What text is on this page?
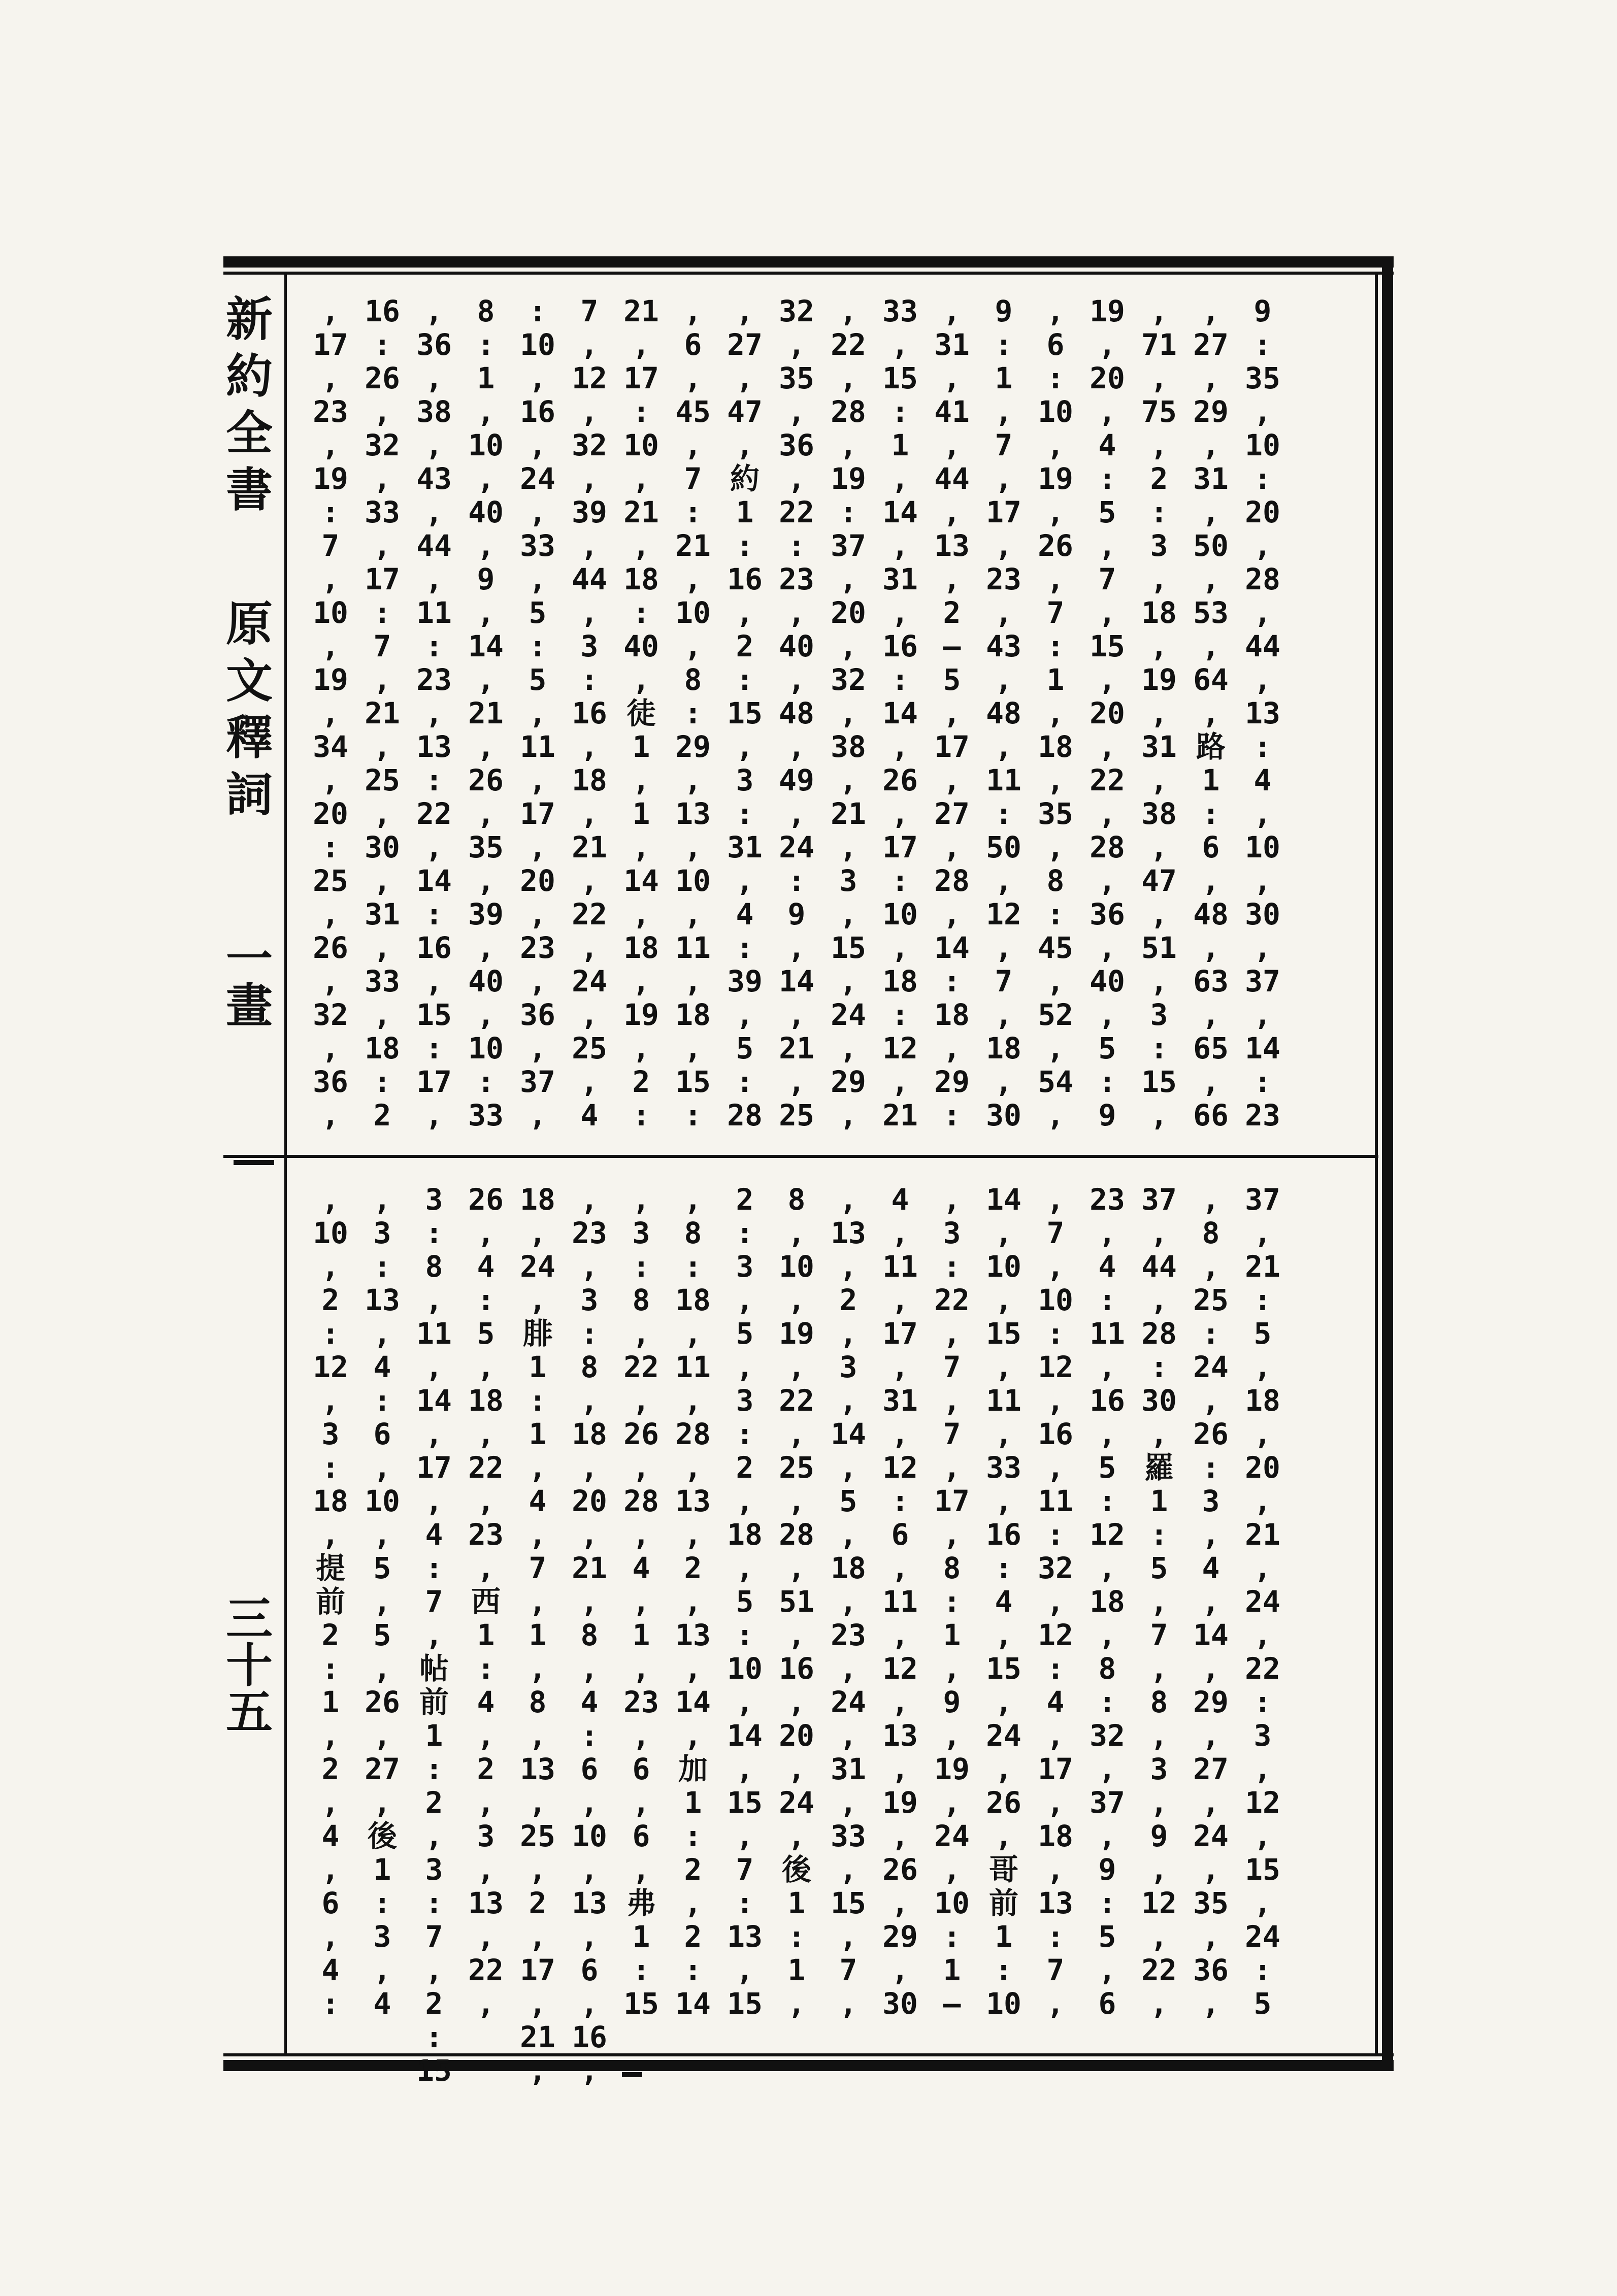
新約全書
原文釋詞
一畫
三十五
,
17
,
23
,
19
:
7
,
10
,
19
,
34
,
20
:
25
,
26
,
32
,
36
,
16
:
26
,
32
,
33
,
17
:
7
,
21
,
25
,
30
,
31
,
33
,
18
:
2
,
36
,
38
,
43
,
44
,
11
:
23
,
13
:
22
,
14
:
16
,
15
:
17
,
8
:
1
,
10
,
40
,
9
,
14
,
21
,
26
,
35
,
39
,
40
,
10
:
33
:
10
,
16
,
24
,
33
,
5
:
5
,
11
,
17
,
20
,
23
,
36
,
37
,
7
,
12
,
32
,
39
,
44
,
3
:
16
,
18
,
21
,
22
,
24
,
25
,
4
21
,
17
:
10
,
21
,
18
:
40
,
徒
1
,
1
,
14
,
18
,
19
,
2
:
,
6
,
45
,
7
:
21
,
10
,
8
:
29
,
13
,
10
,
11
,
18
,
15
:
,
27
,
47
,
約
1
:
16
,
2
:
15
,
3
:
31
,
4
:
39
,
5
:
28
32
,
35
,
36
,
22
:
23
,
40
,
48
,
49
,
24
:
9
,
14
,
21
,
25
,
22
,
28
,
19
:
37
,
20
,
32
,
38
,
21
,
3
,
15
,
24
,
29
,
33
,
15
:
1
,
14
,
31
,
16
:
14
,
26
,
17
:
10
,
18
:
12
,
21
,
31
,
41
,
44
,
13
,
2
—
5
,
17
,
27
,
28
,
14
:
18
,
29
:
9
:
1
,
7
,
17
,
23
,
43
,
48
,
11
:
50
,
12
,
7
,
18
,
30
,
6
:
10
,
19
,
26
,
7
:
1
,
18
,
35
,
8
:
45
,
52
,
54
,
19
,
20
,
4
:
5
,
7
,
15
,
20
,
22
,
28
,
36
,
40
,
5
:
9
,
71
,
75
,
2
:
3
,
18
,
19
,
31
,
38
,
47
,
51
,
3
:
15
,
,
27
,
29
,
31
,
50
,
53
,
64
,
路
1
:
6
,
48
,
63
,
65
,
66
9
:
35
,
10
:
20
,
28
,
44
,
13
:
4
,
10
,
30
,
37
,
14
:
23
,
10
,
2
:
12
,
3
:
18
,
提
前
2
:
1
,
2
,
4
,
6
,
4
:
,
3
:
13
,
4
:
6
,
10
,
5
,
5
,
26
,
27
,
後
1
:
3
,
4
3
:
8
,
11
,
14
,
17
,
4
:
7
,
帖
前
1
:
2
,
3
:
7
,
2
:
15
26
,
4
:
5
,
18
,
22
,
23
,
西
1
:
4
,
2
,
3
,
13
,
22
,
18
,
24
,
腓
1
:
1
,
4
,
7
,
1
,
8
,
13
,
25
,
2
,
17
,
21
,
,
23
,
3
:
8
,
18
,
20
,
21
,
8
,
4
:
6
,
10
,
13
,
6
,
16
,
,
3
:
8
,
22
,
26
,
28
,
4
,
1
,
23
,
6
,
6
,
弗
1
:
15
,
8
:
18
,
11
,
28
,
13
,
2
,
13
,
14
,
加
1
:
2
,
2
:
14
2
:
3
,
5
,
3
:
2
,
18
,
5
:
10
,
14
,
15
,
7
:
13
,
15
8
,
10
,
19
,
22
,
25
,
28
,
51
,
16
,
20
,
24
,
後
1
:
1
,
,
13
,
2
,
3
,
14
,
5
,
18
,
23
,
24
,
31
,
33
,
15
,
7
,
4
,
11
,
17
,
31
,
12
:
6
,
11
,
12
,
13
,
19
,
26
,
29
,
30
,
3
:
22
,
7
,
7
,
17
,
8
:
1
,
9
,
19
,
24
,
10
:
1
—
14
,
10
,
15
,
11
,
33
,
16
:
4
,
15
,
24
,
26
,
哥
前
1
:
10
,
7
,
10
:
12
,
16
,
11
:
32
,
12
:
4
,
17
,
18
,
13
:
7
,
23
,
4
:
11
,
16
,
5
:
12
,
18
,
8
:
32
,
37
,
9
:
5
,
6
37
,
44
,
28
:
30
,
羅
1
:
5
,
7
,
8
,
3
,
9
,
12
,
22
,
,
8
,
25
:
24
,
26
:
3
,
4
,
14
,
29
,
27
,
24
,
35
,
36
,
37
,
21
:
5
,
18
,
20
,
21
,
24
,
22
:
3
,
12
,
15
,
24
:
5
